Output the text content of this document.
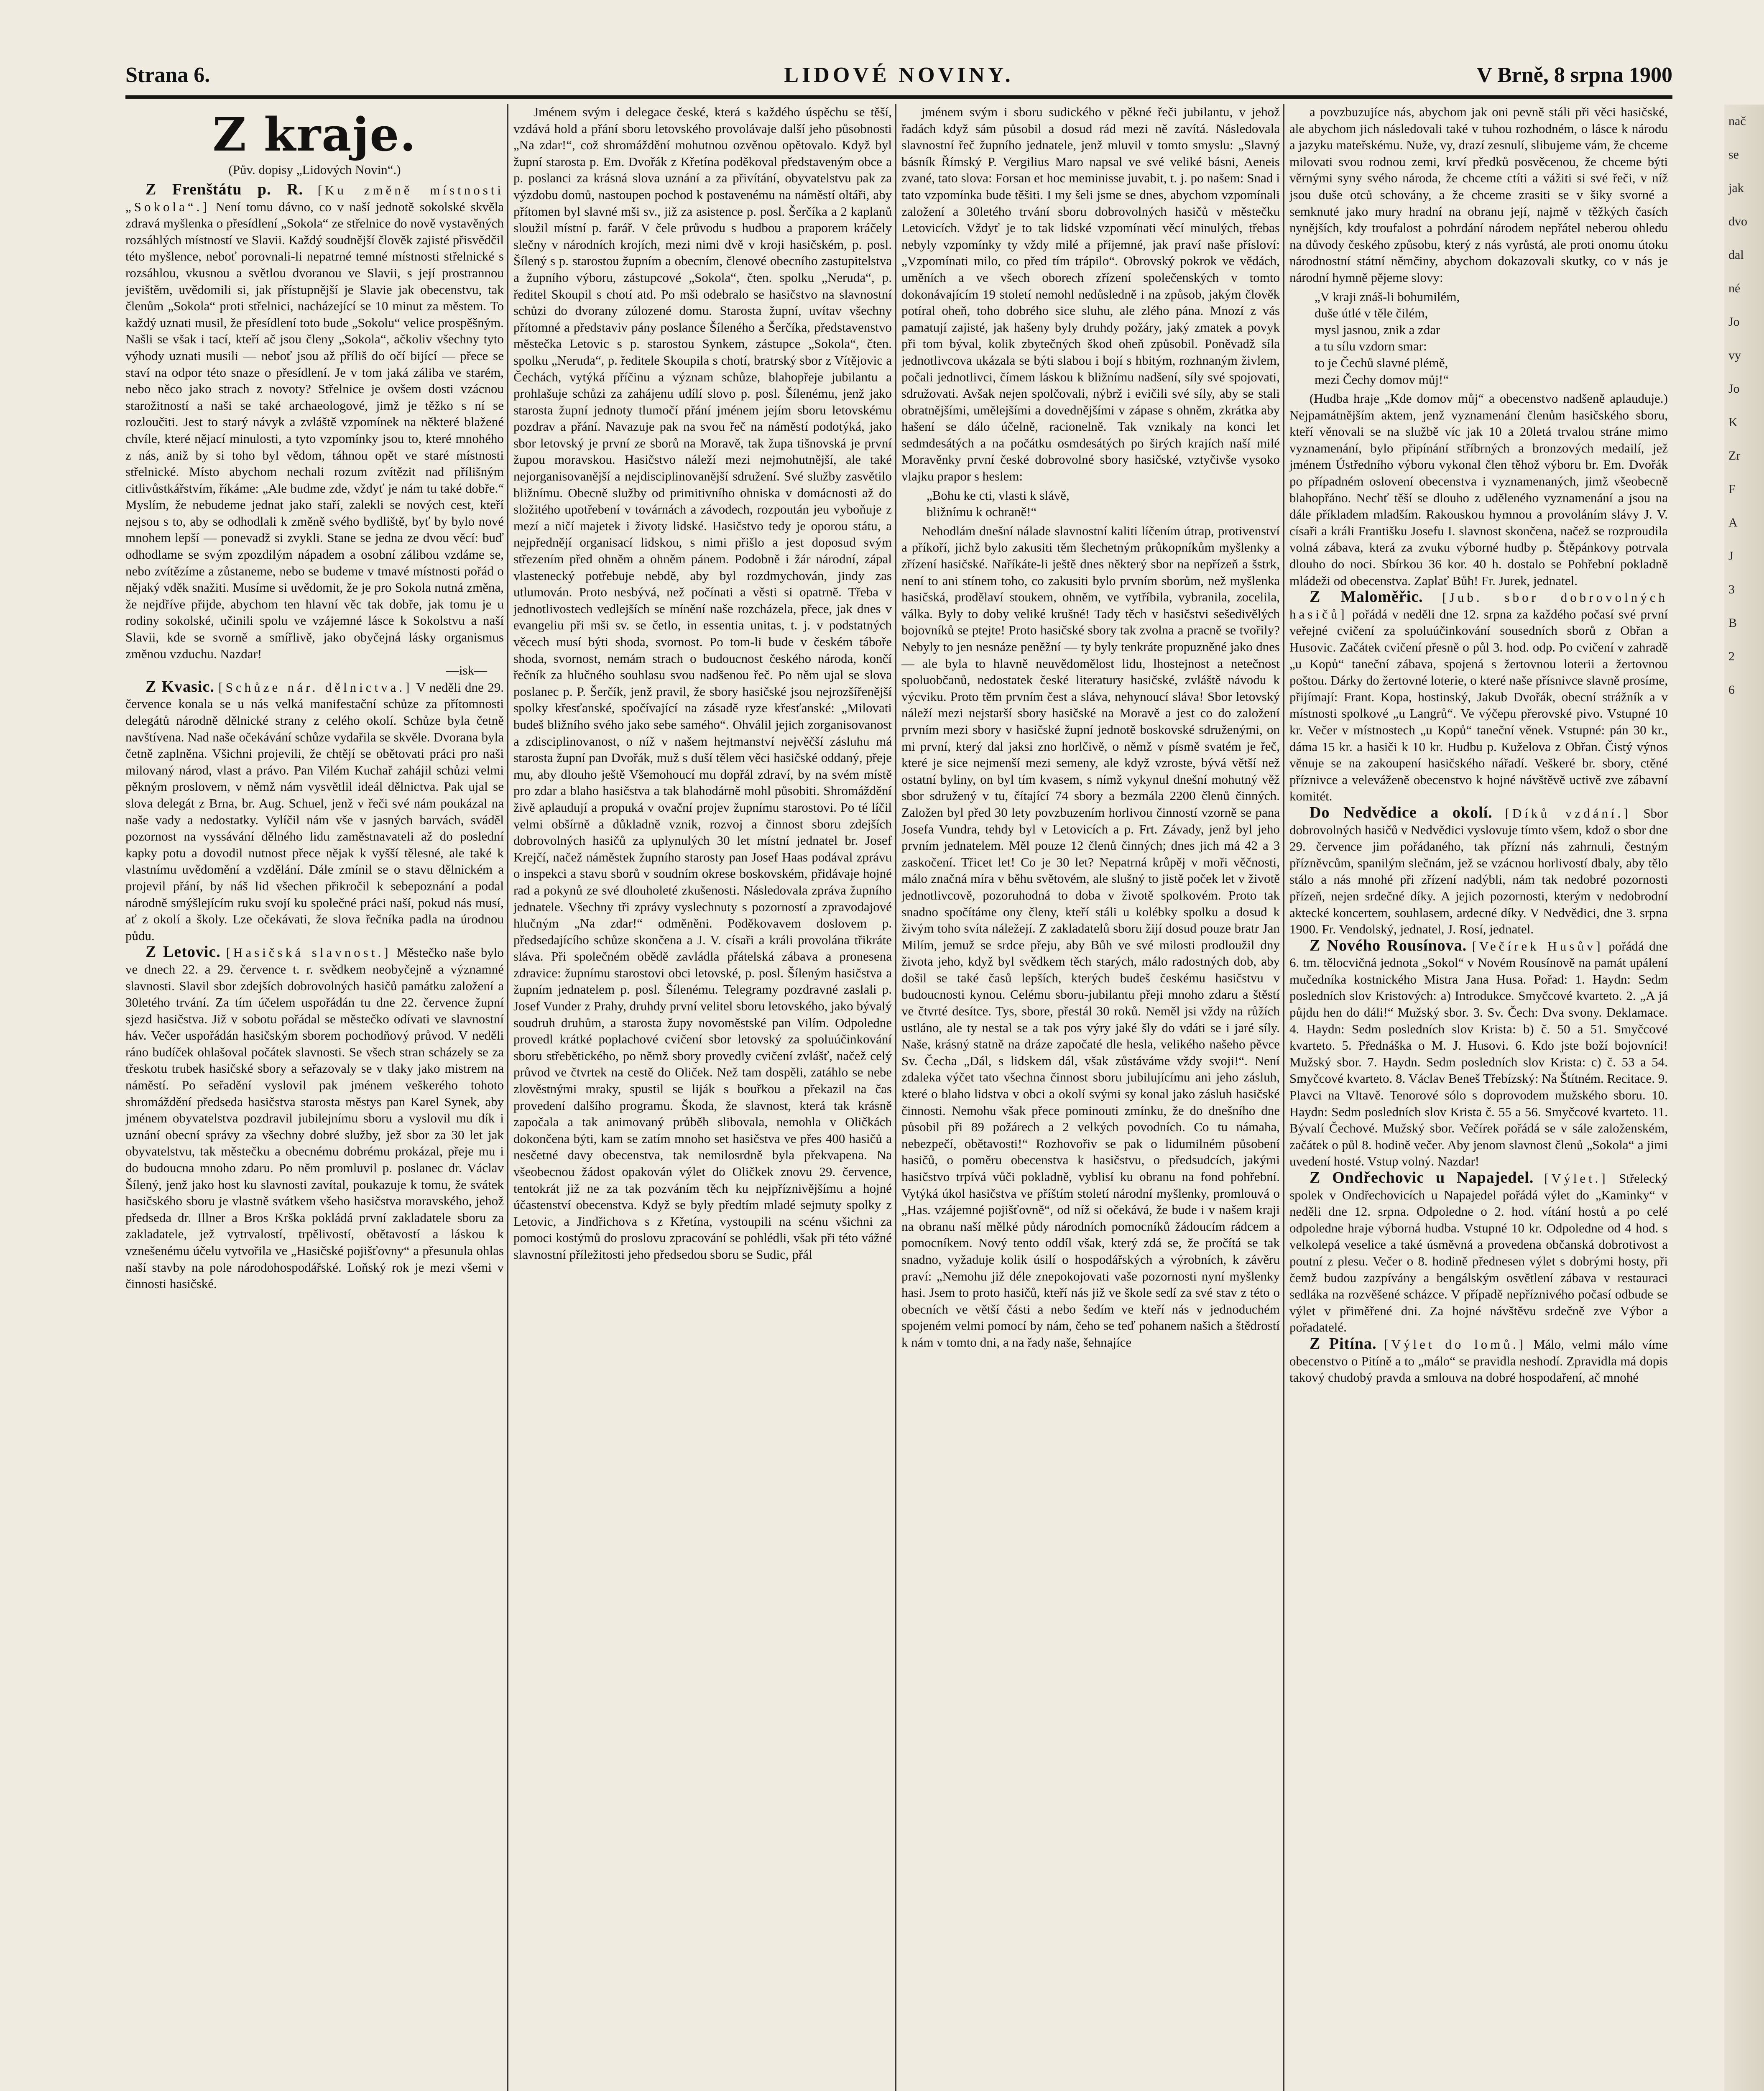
Strana 6.	LIDOVÉ NOVINY.	V Brně, 8 srpna 1900
Z kraje.
(Pův. dopisy „Lidových Novin“.)

Z Frenštátu p. R. [Ku změně místnosti „Sokola“.] Není tomu dávno, co v naší jednotě sokolské skvěla zdravá myšlenka o přesídlení „Sokola“ ze střelnice do nově vystavěných rozsáhlých místností ve Slavii. Každý soudnější člověk zajisté přisvědčil této myšlence, neboť porovnali-li nepatrné temné místnosti střelnické s rozsáhlou, vkusnou a světlou dvoranou ve Slavii, s její prostrannou jevištěm, uvědomili si, jak přístupnější je Slavie jak obecenstvu, tak členům „Sokola“ proti střelnici, nacházející se 10 minut za městem. To každý uznati musil, že přesídlení toto bude „Sokolu“ velice prospěšným. Našli se však i tací, kteří ač jsou členy „Sokola“, ačkoliv všechny tyto výhody uznati musili — neboť jsou až příliš do očí bijící — přece se staví na odpor této snaze o přesídlení. Je v tom jaká záliba ve starém, nebo něco jako strach z novoty? Střelnice je ovšem dosti vzácnou starožitností a naši se také archaeologové, jimž je těžko s ní se rozloučiti. Jest to starý návyk a zvláště vzpomínek na některé blažené chvíle, které nějací minulosti, a tyto vzpomínky jsou to, které mnohého z nás, aniž by si toho byl vědom, táhnou opět ve staré místnosti střelnické. Místo abychom nechali rozum zvítězit nad přílišným citlivůstkářstvím, říkáme: „Ale budme zde, vždyť je nám tu také dobře.“ Myslím, že nebudeme jednat jako staří, zalekli se nových cest, kteří nejsou s to, aby se odhodlali k změně svého bydliště, byť by bylo nové mnohem lepší — ponevadž si zvykli. Stane se jedna ze dvou věcí: buď odhodlame se svým zpozdilým nápadem a osobní zálibou vzdáme se, nebo zvítězíme a zůstaneme, nebo se budeme v tmavé místnosti pořád o nějaký vděk snažiti. Musíme si uvědomit, že je pro Sokola nutná změna, že nejdříve přijde, abychom ten hlavní věc tak dobře, jak tomu je u rodiny sokolské, učinili spolu ve vzájemné lásce k Sokolstvu a naší Slavii, kde se svorně a smířlivě, jako obyčejná lásky organismus změnou vzduchu. Nazdar!

—isk—

Z Kvasic. [Schůze nár. dělnictva.] V neděli dne 29. července konala se u nás velká manifestační schůze za přítomnosti delegátů národně dělnické strany z celého okolí. Schůze byla četně navštívena. Nad naše očekávání schůze vydařila se skvěle. Dvorana byla četně zaplněna. Všichni projevili, že chtějí se obětovati práci pro naši milovaný národ, vlast a právo. Pan Vilém Kuchař zahájil schůzi velmi pěkným proslovem, v němž nám vysvětlil ideál dělnictva. Pak ujal se slova delegát z Brna, br. Aug. Schuel, jenž v řeči své nám poukázal na naše vady a nedostatky. Vylíčil nám vše v jasných barvách, sváděl pozornost na vyssávání dělného lidu zaměstnavateli až do poslední kapky potu a dovodil nutnost přece nějak k vyšší tělesné, ale také k vlastnímu uvědomění a vzdělání. Dále zmínil se o stavu dělnickém a projevil přání, by náš lid všechen přikročil k sebepoznání a podal národně smýšlejícím ruku svojí ku společné práci naší, pokud nás musí, ať z okolí a školy. Lze očekávati, že slova řečníka padla na úrodnou půdu.

Z Letovic. [Hasičská slavnost.] Městečko naše bylo ve dnech 22. a 29. července t. r. svědkem neobyčejně a významné slavnosti. Slavil sbor zdejších dobrovolných hasičů památku založení a 30letého trvání. Za tím účelem uspořádán tu dne 22. července župní sjezd hasičstva. Již v sobotu pořádal se městečko odívati ve slavnostní háv. Večer uspořádán hasičským sborem pochodňový průvod. V neděli ráno budíček ohlašoval počátek slavnosti. Se všech stran scházely se za třeskotu trubek hasičské sbory a seřazovaly se v tlaky jako mistrem na náměstí. Po seřadění vyslovil pak jménem veškerého tohoto shromáždění předseda hasičstva starosta městys pan Karel Synek, aby jménem obyvatelstva pozdravil jubilejnímu sboru a vyslovil mu dík i uznání obecní správy za všechny dobré služby, jež sbor za 30 let jak obyvatelstvu, tak městečku a obecnému dobrému prokázal, přeje mu i do budoucna mnoho zdaru. Po něm promluvil p. poslanec dr. Václav Šílený, jenž jako host ku slavnosti zavítal, poukazuje k tomu, že svátek hasičského sboru je vlastně svátkem všeho hasičstva moravského, jehož předseda dr. Illner a Bros Krška pokládá první zakladatele sboru za zakladatele, jež vytrvalostí, trpělivostí, obětavostí a láskou k vznešenému účelu vytvořila ve „Hasičské pojišťovny“ a přesunula ohlas naší stavby na pole národohospodářské. Loňský rok je mezi všemi v činnosti hasičské.

Jménem svým i delegace české, která s každého úspěchu se těší, vzdává hold a přání sboru letovského provolávaje další jeho působnosti „Na zdar!“, což shromáždění mohutnou ozvěnou opětovalo. Když byl župní starosta p. Em. Dvořák z Křetína poděkoval představeným obce a p. poslanci za krásná slova uznání a za přivítání, obyvatelstvu pak za výzdobu domů, nastoupen pochod k postavenému na náměstí oltáři, aby přítomen byl slavné mši sv., již za asistence p. posl. Šerčíka a 2 kaplanů sloužil místní p. farář. V čele průvodu s hudbou a praporem kráčely slečny v národních krojích, mezi nimi dvě v kroji hasičském, p. posl. Šílený s p. starostou župním a obecním, členové obecního zastupitelstva a župního výboru, zástupcové „Sokola“, čten. spolku „Neruda“, p. ředitel Skoupil s chotí atd. Po mši odebralo se hasičstvo na slavnostní schůzi do dvorany zúlozené domu. Starosta župní, uvítav všechny přítomné a představiv pány poslance Šíleného a Šerčíka, představenstvo městečka Letovic s p. starostou Synkem, zástupce „Sokola“, čten. spolku „Neruda“, p. ředitele Skoupila s chotí, bratrský sbor z Vítějovic a Čechách, vytýká příčinu a význam schůze, blahopřeje jubilantu a prohlašuje schůzi za zahájenu udílí slovo p. posl. Šílenému, jenž jako starosta župní jednoty tlumočí přání jménem jejím sboru letovskému pozdrav a přání. Navazuje pak na svou řeč na náměstí podotýká, jako sbor letovský je první ze sborů na Moravě, tak župa tišnovská je první župou moravskou. Hasičstvo náleží mezi nejmohutnější, ale také nejorganisovanější a nejdisciplinovanější sdružení. Své služby zasvětilo bližnímu. Obecně služby od primitivního ohniska v domácnosti až do složitého upotřebení v továrnách a závodech, rozpoután jeu vyboňuje z mezí a ničí majetek i životy lidské. Hasičstvo tedy je oporou státu, a nejpřednějí organisací lidskou, s nimi přišlo a jest doposud svým střezením před ohněm a ohněm pánem. Podobně i žár národní, zápal vlastenecký potřebuje nebdě, aby byl rozdmychován, jindy zas utlumován. Proto nesbývá, než počínati a věsti si opatrně. Třeba v jednotlivostech vedlejších se mínění naše rozcházela, přece, jak dnes v evangeliu při mši sv. se četlo, in essentia unitas, t. j. v podstatných věcech musí býti shoda, svornost. Po tom-li bude v českém táboře shoda, svornost, nemám strach o budoucnost českého národa, končí řečník za hlučného souhlasu svou nadšenou řeč. Po něm ujal se slova poslanec p. P. Šerčík, jenž pravil, že sbory hasičské jsou nejrozšířenější spolky křesťanské, spočívající na zásadě ryze křesťanské: „Milovati budeš bližního svého jako sebe samého“. Ohválil jejich zorganisovanost a zdisciplinovanost, o níž v našem hejtmanství nejvěčší zásluhu má starosta župní pan Dvořák, muž s duší tělem věci hasičské oddaný, přeje mu, aby dlouho ještě Všemohoucí mu dopřál zdraví, by na svém místě pro zdar a blaho hasičstva a tak blahodárně mohl působiti. Shromáždění živě aplaudují a propuká v ovační projev župnímu starostovi. Po té líčil velmi obšírně a důkladně vznik, rozvoj a činnost sboru zdejších dobrovolných hasičů za uplynulých 30 let místní jednatel br. Josef Krejčí, načež náměstek župního starosty pan Josef Haas podával zprávu o inspekci a stavu sborů v soudním okrese boskovském, přidávaje hojné rad a pokynů ze své dlouholeté zkušenosti. Následovala zpráva župního jednatele. Všechny tři zprávy vyslechnuty s pozorností a zpravodajové hlučným „Na zdar!“ odměněni. Poděkovavem doslovem p. předsedajícího schůze skončena a J. V. císaři a králi provolána třikráte sláva. Při společném obědě zavládla přátelská zábava a pronesena zdravice: župnímu starostovi obci letovské, p. posl. Šíleným hasičstva a župním jednatelem p. posl. Šílenému. Telegramy pozdravné zaslali p. Josef Vunder z Prahy, druhdy první velitel sboru letovského, jako bývalý soudruh druhům, a starosta župy novoměstské pan Vilím. Odpoledne provedl krátké poplachové cvičení sbor letovský za spoluúčinkování sboru střebětického, po němž sbory provedly cvičení zvlášť, načež celý průvod ve čtvrtek na cestě do Oliček. Než tam dospěli, zatáhlo se nebe zlověstnými mraky, spustil se liják s bouřkou a překazil na čas provedení dalšího programu. Škoda, že slavnost, která tak krásně započala a tak animovaný průběh slibovala, nemohla v Oličkách dokončena býti, kam se zatím mnoho set hasičstva ve přes 400 hasičů a nesčetné davy obecenstva, tak nemilosrdně byla překvapena. Na všeobecnou žádost opakován výlet do Oličkek znovu 29. července, tentokrát již ne za tak pozváním těch ku nejpříznivějšímu a hojné účastenství obecenstva. Když se byly předtím mladé sejmuty spolky z Letovic, a Jindřichova s z Křetína, vystoupili na scénu všichni za pomoci kostýmů do proslovu zpracování se pohlédli, však při této vážné slavnostní příležitosti jeho předsedou sboru se Sudic, přál

jménem svým i sboru sudického v pěkné řeči jubilantu, v jehož řadách když sám působil a dosud rád mezi ně zavítá. Následovala slavnostní řeč župního jednatele, jenž mluvil v tomto smyslu: „Slavný básník Římský P. Vergilius Maro napsal ve své veliké básni, Aeneis zvané, tato slova: Forsan et hoc meminisse juvabit, t. j. po našem: Snad i tato vzpomínka bude těšiti. I my šeli jsme se dnes, abychom vzpomínali založení a 30letého trvání sboru dobrovolných hasičů v městečku Letovicích. Vždyť je to tak lidské vzpomínati věcí minulých, třebas nebyly vzpomínky ty vždy milé a příjemné, jak praví naše přísloví: „Vzpomínati milo, co před tím trápilo“. Obrovský pokrok ve vědách, uměních a ve všech oborech zřízení společenských v tomto dokonávajícím 19 století nemohl nedůsledně i na způsob, jakým člověk potíral oheň, toho dobrého sice sluhu, ale zlého pána. Mnozí z vás pamatují zajisté, jak hašeny byly druhdy požáry, jaký zmatek a povyk při tom býval, kolik zbytečných škod oheň způsobil. Poněvadž síla jednotlivcova ukázala se býti slabou i bojí s hbitým, rozhnaným živlem, počali jednotlivci, čímem láskou k bližnímu nadšení, síly své spojovati, sdružovati. Avšak nejen spolčovali, nýbrž i evičili své síly, aby se stali obratnějšími, umělejšími a dovednějšími v zápase s ohněm, zkrátka aby hašení se dálo účelně, racionelně. Tak vznikaly na konci let sedmdesátých a na počátku osmdesátých po širých krajích naší milé Moravěnky první české dobrovolné sbory hasičské, vztyčivše vysoko vlajku prapor s heslem:

„Bohu ke cti, vlasti k slávě,
bližnímu k ochraně!“

Nehodlám dnešní nálade slavnostní kaliti líčením útrap, protivenství a příkoří, jichž bylo zakusiti těm šlechetným průkopníkům myšlenky a zřízení hasičské. Naříkáte-li ještě dnes některý sbor na nepřízeň a šstrk, není to ani stínem toho, co zakusiti bylo prvním sborům, než myšlenka hasičská, prodělaví stoukem, ohněm, ve vytříbila, vybranila, zocelila, válka. Byly to doby veliké krušné! Tady těch v hasičstvi sešedivělých bojovníků se ptejte! Proto hasičské sbory tak zvolna a pracně se tvořily? Nebyly to jen nesnáze peněžní — ty byly tenkráte propuzněné jako dnes — ale byla to hlavně neuvědomělost lidu, lhostejnost a netečnost spoluobčanů, nedostatek české literatury hasičské, zvláště návodu k výcviku. Proto těm prvním čest a sláva, nehynoucí sláva! Sbor letovský náleží mezi nejstarší sbory hasičské na Moravě a jest co do založení prvním mezi sbory v hasičské župní jednotě boskovské sdruženými, on mi první, který dal jaksi zno horlčivě, o němž v písmě svatém je řeč, které je sice nejmenší mezi semeny, ale když vzroste, bývá větší než ostatní byliny, on byl tím kvasem, s nímž vykynul dnešní mohutný věž sbor sdružený v tu, čítající 74 sbory a bezmála 2200 členů činných. Založen byl před 30 lety povzbuzením horlivou činností vzorně se pana Josefa Vundra, tehdy byl v Letovicích a p. Frt. Závady, jenž byl jeho prvním jednatelem. Měl pouze 12 členů činných; dnes jich má 42 a 3 zaskočení. Třicet let! Co je 30 let? Nepatrná krůpěj v moři věčnosti, málo značná míra v běhu světovém, ale slušný to jistě poček let v životě jednotlivcově, pozoruhodná to doba v životě spolkovém. Proto tak snadno spočítáme ony členy, kteří stáli u kolébky spolku a dosud k živým toho svíta náležejí. Z zakladatelů sboru žijí dosud pouze bratr Jan Milím, jemuž se srdce přeju, aby Bůh ve své milosti prodloužil dny života jeho, když byl svědkem těch starých, málo radostných dob, aby došil se také časů lepších, kterých budeš českému hasičstvu v budoucnosti kynou. Celému sboru-jubilantu přeji mnoho zdaru a štěstí ve čtvrté desítce. Tys, sbore, přestál 30 roků. Neměl jsi vždy na růžích ustláno, ale ty nestal se a tak pos výry jaké šly do vdáti se i jaré síly. Naše, krásný statně na dráze započaté dle hesla, velikého našeho pěvce Sv. Čecha „Dál, s lidskem dál, však zůstáváme vždy svoji!“. Není zdaleka výčet tato všechna činnost sboru jubilujícímu ani jeho zásluh, které o blaho lidstva v obci a okolí svými sy konal jako zásluh hasičské činnosti. Nemohu však přece pominouti zmínku, že do dnešního dne působil při 89 požárech a 2 velkých povodních. Co tu námaha, nebezpečí, obětavosti!“ Rozhovořiv se pak o lidumilném působení hasičů, o poměru obecenstva k hasičstvu, o předsudcích, jakými hasičstvo trpívá vůči pokladně, vyblisí ku obranu na fond pohřební. Vytýká úkol hasičstva ve příštím století národní myšlenky, promlouvá o „Has. vzájemné pojišťovně“, od níž si očekává, že bude i v našem kraji na obranu naší mělké půdy národních pomocníků žádoucím rádcem a pomocníkem. Nový tento oddíl však, který zdá se, že pročítá se tak snadno, vyžaduje kolik úsilí o hospodářských a výrobních, k závěru praví: „Nemohu již déle znepokojovati vaše pozornosti nyní myšlenky hasi. Jsem to proto hasičů, kteří nás již ve škole sedí za své stav z této o obecních ve větší části a nebo šedím ve kteří nás v jednoduchém spojeném velmi pomocí by nám, čeho se teď pohanem našich a štědrostí k nám v tomto dni, a na řady naše, šehnajíce

a povzbuzujíce nás, abychom jak oni pevně stáli při věci hasičské, ale abychom jich následovali také v tuhou rozhodném, o lásce k národu a jazyku mateřskému. Nuže, vy, drazí zesnulí, slibujeme vám, že chceme milovati svou rodnou zemi, krví předků posvěcenou, že chceme býti věrnými syny svého národa, že chceme ctíti a vážiti si své řeči, v níž jsou duše otců schovány, a že chceme zrasiti se v šiky svorné a semknuté jako mury hradní na obranu její, najmě v těžkých časích nynějších, kdy troufalost a pohrdání národem nepřátel neberou ohledu na důvody českého způsobu, který z nás vyrůstá, ale proti onomu útoku národnostní státní němčiny, abychom dokazovali skutky, co v nás je národní hymně pějeme slovy:

„V kraji znáš-li bohumilém,
duše útlé v těle čilém,
mysl jasnou, znik a zdar
a tu sílu vzdorn smar:
to je Čechů slavné plémě,
mezi Čechy domov můj!“

(Hudba hraje „Kde domov můj“ a obecenstvo nadšeně aplauduje.) Nejpamátnějším aktem, jenž vyznamenání členům hasičského sboru, kteří věnovali se na službě víc jak 10 a 20letá trvalou stráne mimo vyznamenání, bylo připínání stříbrných a bronzových medailí, jež jménem Ústředního výboru vykonal člen těhož výboru br. Em. Dvořák po případném oslovení obecenstva i vyznamenaných, jimž všeobecně blahopřáno. Nechť těší se dlouho z uděleného vyznamenání a jsou na dále příkladem mladším. Rakouskou hymnou a provoláním slávy J. V. císaři a králi Františku Josefu I. slavnost skončena, načež se rozproudila volná zábava, která za zvuku výborné hudby p. Štěpánkovy potrvala dlouho do noci. Sbírkou 36 kor. 40 h. dostalo se Pohřební pokladně mládeži od obecenstva. Zaplať Bůh! Fr. Jurek, jednatel.

Z Maloměřic. [Jub. sbor dobrovolných hasičů] pořádá v neděli dne 12. srpna za každého počasí své první veřejné cvičení za spoluúčinkování sousedních sborů z Obřan a Husovic. Začátek cvičení přesně o půl 3. hod. odp. Po cvičení v zahradě „u Kopů“ taneční zábava, spojená s žertovnou loterii a žertovnou poštou. Dárky do žertovné loterie, o které naše přísnivce slavně prosíme, přijímají: Frant. Kopa, hostinský, Jakub Dvořák, obecní strážník a v místnosti spolkové „u Langrů“. Ve výčepu přerovské pivo. Vstupné 10 kr. Večer v místnostech „u Kopů“ taneční věnek. Vstupné: pán 30 kr., dáma 15 kr. a hasiči k 10 kr. Hudbu p. Kuželova z Obřan. Čistý výnos věnuje se na zakoupení hasičského nářadí. Veškeré br. sbory, ctěné příznivce a veleváženě obecenstvo k hojné návštěvě uctivě zve zábavní komitét.

Do Nedvědice a okolí. [Díků vzdání.] Sbor dobrovolných hasičů v Nedvědici vyslovuje tímto všem, kdož o sbor dne 29. července jim pořádaného, tak přízní nás zahrnuli, čestným přízněvcům, spanilým slečnám, jež se vzácnou horlivostí dbaly, aby tělo stálo a nás mnohé při zřízení nadýbli, nám tak nedobré pozornosti přízeň, nejen srdečné díky. A jejich pozornosti, kterým v nedobrodní aktecké koncertem, souhlasem, ardecné díky. V Nedvědici, dne 3. srpna 1900. Fr. Vendolský, jednatel, J. Rosí, jednatel.

Z Nového Rousínova. [Večírek Husův] pořádá dne 6. tm. tělocvičná jednota „Sokol“ v Novém Rousínově na památ upálení mučedníka kostnického Mistra Jana Husa. Pořad: 1. Haydn: Sedm posledních slov Kristových: a) Introdukce. Smyčcové kvarteto. 2. „A já půjdu hen do dáli!“ Mužský sbor. 3. Sv. Čech: Dva svony. Deklamace. 4. Haydn: Sedm posledních slov Krista: b) č. 50 a 51. Smyčcové kvarteto. 5. Přednáška o M. J. Husovi. 6. Kdo jste boží bojovníci! Mužský sbor. 7. Haydn. Sedm posledních slov Krista: c) č. 53 a 54. Smyčcové kvarteto. 8. Václav Beneš Třebízský: Na Štítném. Recitace. 9. Plavci na Vltavě. Tenorové sólo s doprovodem mužského sboru. 10. Haydn: Sedm posledních slov Krista č. 55 a 56. Smyčcové kvarteto. 11. Bývalí Čechové. Mužský sbor. Večírek pořádá se v sále založenském, začátek o půl 8. hodině večer. Aby jenom slavnost členů „Sokola“ a jimi uvedení hosté. Vstup volný. Nazdar!

Z Ondřechovic u Napajedel. [Výlet.] Střelecký spolek v Ondřechovicích u Napajedel pořádá výlet do „Kaminky“ v neděli dne 12. srpna. Odpoledne o 2. hod. vítání hostů a po celé odpoledne hraje výborná hudba. Vstupné 10 kr. Odpoledne od 4 hod. s velkolepá veselice a také úsměvná a provedena občanská dobrotivost a poutní z plesu. Večer o 8. hodině přednesen výlet s dobrými hosty, při čemž budou zazpívány a bengálským osvětlení zábava v restauraci sedláka na rozvěšené scházce. V případě nepříznivého počasí odbude se výlet v přiměřené dni. Za hojné návštěvu srdečně zve Výbor a pořadatelé.

Z Pitína. [Výlet do lomů.] Málo, velmi málo víme obecenstvo o Pitíně a to „málo“ se pravidla neshodí. Zpravidla má dopis takový chudobý pravda a smlouva na dobré hospodaření, ač mnohé

nač
se
jak
dvo
dal
né
Jo
vy
Jo
K
Zr
F
A
J
3
B
2
6
